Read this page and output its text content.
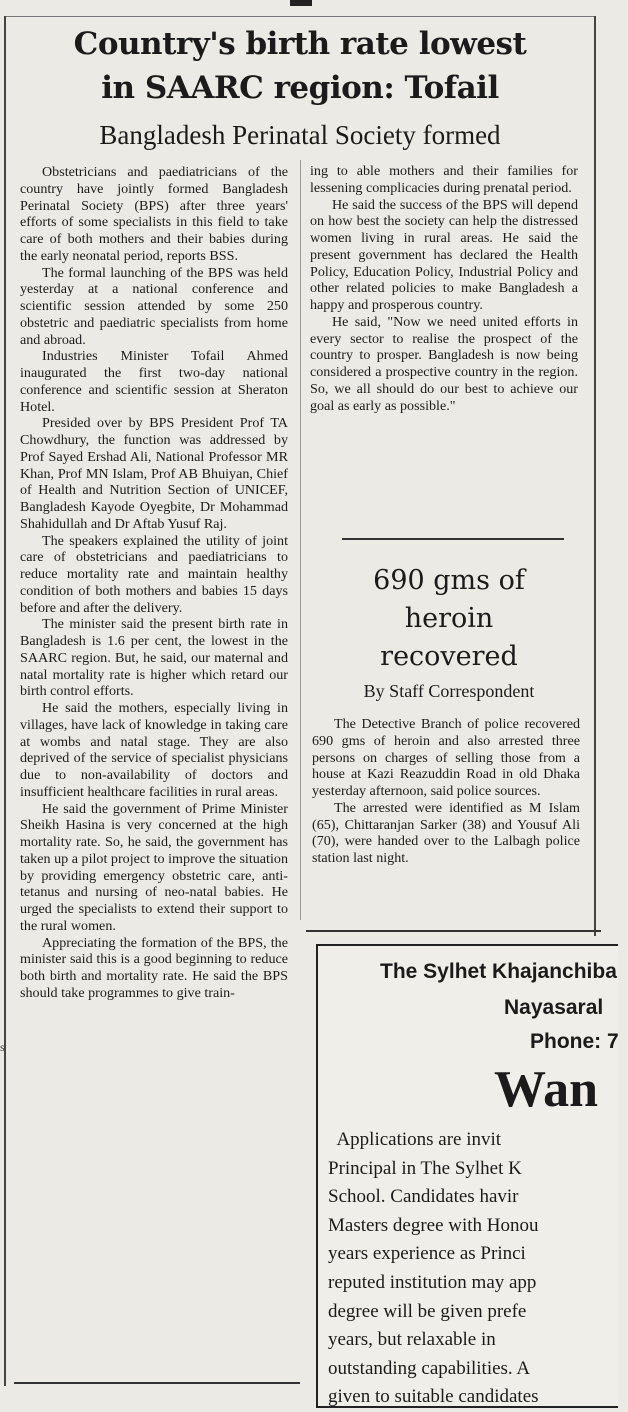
Country's birth rate lowest
in SAARC region: Tofail
Bangladesh Perinatal Society formed

Obstetricians and paediatricians of the country have jointly formed Bangladesh Perinatal Society (BPS) after three years' efforts of some specialists in this field to take care of both mothers and their babies during the early neonatal period, reports BSS.

The formal launching of the BPS was held yesterday at a national conference and scientific session attended by some 250 obstetric and paediatric specialists from home and abroad.

Industries Minister Tofail Ahmed inaugurated the first two-day national conference and scientific session at Sheraton Hotel.

Presided over by BPS President Prof TA Chowdhury, the function was addressed by Prof Sayed Ershad Ali, National Professor MR Khan, Prof MN Islam, Prof AB Bhuiyan, Chief of Health and Nutrition Section of UNICEF, Bangladesh Kayode Oyegbite, Dr Mohammad Shahidullah and Dr Aftab Yusuf Raj.

The speakers explained the utility of joint care of obstetricians and paediatricians to reduce mortality rate and maintain healthy condition of both mothers and babies 15 days before and after the delivery.

The minister said the present birth rate in Bangladesh is 1.6 per cent, the lowest in the SAARC region. But, he said, our maternal and natal mortality rate is higher which retard our birth control efforts.

He said the mothers, especially living in villages, have lack of knowledge in taking care at wombs and natal stage. They are also deprived of the service of specialist physicians due to non-availability of doctors and insufficient healthcare facilities in rural areas.

He said the government of Prime Minister Sheikh Hasina is very concerned at the high mortality rate. So, he said, the government has taken up a pilot project to improve the situation by providing emergency obstetric care, anti-tetanus and nursing of neo-natal babies. He urged the specialists to extend their support to the rural women.

Appreciating the formation of the BPS, the minister said this is a good beginning to reduce both birth and mortality rate. He said the BPS should take programmes to give train-

ing to able mothers and their families for lessening complicacies during prenatal period.

He said the success of the BPS will depend on how best the society can help the distressed women living in rural areas. He said the present government has declared the Health Policy, Education Policy, Industrial Policy and other related policies to make Bangladesh a happy and prosperous country.

He said, "Now we need united efforts in every sector to realise the prospect of the country to prosper. Bangladesh is now being considered a prospective country in the region. So, we all should do our best to achieve our goal as early as possible."

690 gms of
heroin
recovered
By Staff Correspondent

The Detective Branch of police recovered 690 gms of heroin and also arrested three persons on charges of selling those from a house at Kazi Reazuddin Road in old Dhaka yesterday afternoon, said police sources.

The arrested were identified as M Islam (65), Chittaranjan Sarker (38) and Yousuf Ali (70), were handed over to the Lalbagh police station last night.

The Sylhet Khajanchiba
Nayasaral
Phone: 7
Wan
Applications are invit
Principal in The Sylhet K
School. Candidates havir
Masters degree with Honou
years experience as Princi
reputed institution may app
degree will be given prefe
years, but relaxable in
outstanding capabilities. A
given to suitable candidates
s
